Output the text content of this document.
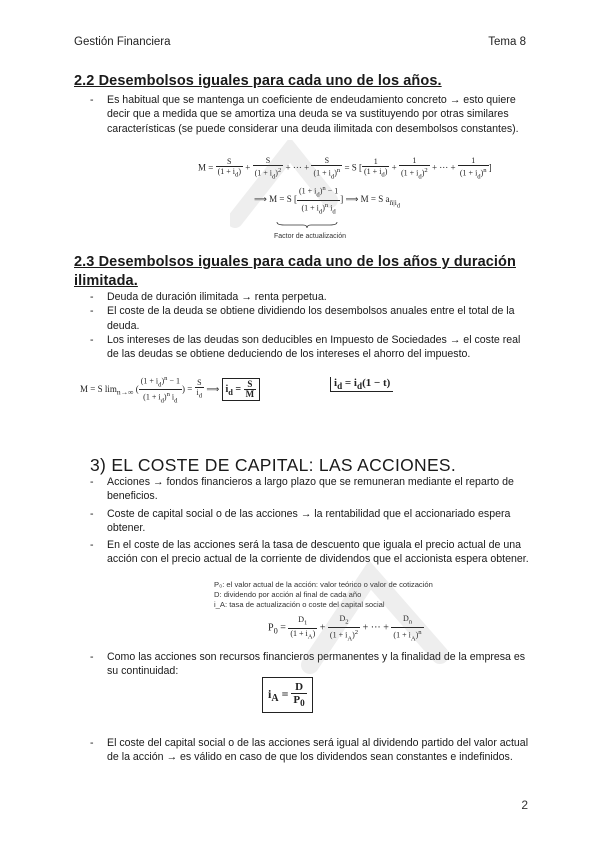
Gestión Financiera	Tema 8
2.2 Desembolsos iguales para cada uno de los años.
- Es habitual que se mantenga un coeficiente de endeudamiento concreto → esto quiere decir que a medida que se amortiza una deuda se va sustituyendo por otras similares características (se puede considerar una deuda ilimitada con desembolsos constantes).
$M = \frac{S}{(1 + i_d)} + \frac{S}{(1 + i_d)^2}$ + ··· + $\frac{S}{(1 + i_d)^n} = S$ [ $\frac{1}{(1 + i_d)} + \frac{1}{(1 + i_d)^2}$ + ··· + $\frac{1}{(1 + i_d)^n}$ ]
⟹ M = S [ $\frac{(1 + i_d)^n - 1}{(1 + i_d)^n i_d}$ ] ⟹ M = S $a_{n̄|i_d}$
Factor de actualización
2.3 Desembolsos iguales para cada uno de los años y duración
ilimitada.
- Deuda de duración ilimitada → renta perpetua.
- El coste de la deuda se obtiene dividiendo los desembolsos anuales entre el total de la deuda.
- Los intereses de las deudas son deducibles en Impuesto de Sociedades → el coste real de las deudas se obtiene deduciendo de los intereses el ahorro del impuesto.
M = S $\lim_{n\to\infty}$ ( $\frac{(1 + i_d)^n - 1}{(1 + i_d)^n i_d}$ ) = $\frac{S}{i_d}$ ⟹ $i_d = \frac{S}{M}$	$i_d = i_d(1 - t)$
3) EL COSTE DE CAPITAL: LAS ACCIONES.
- Acciones → fondos financieros a largo plazo que se remuneran mediante el reparto de beneficios.
- Coste de capital social o de las acciones → la rentabilidad que el accionariado espera obtener.
- En el coste de las acciones será la tasa de descuento que iguala el precio actual de una acción con el precio actual de la corriente de dividendos que el accionista espera obtener.
P₀: el valor actual de la acción: valor teórico o valor de cotización
D: dividendo por acción al final de cada año
i_A: tasa de actualización o coste del capital social
$P_0 = \frac{D_1}{(1 + i_A)} + \frac{D_2}{(1 + i_A)^2}$ + ··· + $\frac{D_n}{(1 + i_A)^n}$
- Como las acciones son recursos financieros permanentes y la finalidad de la empresa es su continuidad:
$i_A = \frac{D}{P_0}$
- El coste del capital social o de las acciones será igual al dividendo partido del valor actual de la acción → es válido en caso de que los dividendos sean constantes e indefinidos.
2
